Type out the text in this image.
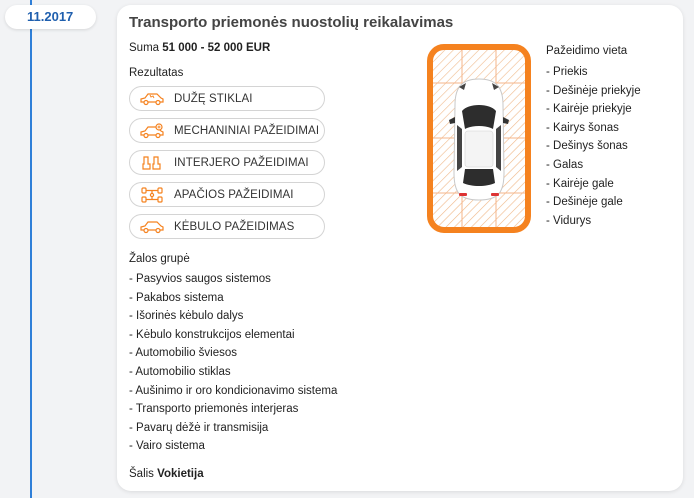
11.2017	Transporto priemonės nuostolių reikalavimas
Suma 51 000 - 52 000 EUR
Rezultatas
DUŽĘ STIKLAI
MECHANINIAI PAŽEIDIMAI
INTERJERO PAŽEIDIMAI
APAČIOS PAŽEIDIMAI
KĖBULO PAŽEIDIMAS
Žalos grupė
- Pasyvios saugos sistemos
- Pakabos sistema
- Išorinės kėbulo dalys
- Kėbulo konstrukcijos elementai
- Automobilio šviesos
- Automobilio stiklas
- Aušinimo ir oro kondicionavimo sistema
- Transporto priemonės interjeras
- Pavarų dėžė ir transmisija
- Vairo sistema
Šalis Vokietija
Pažeidimo vieta
- Priekis
- Dešinėje priekyje
- Kairėje priekyje
- Kairys šonas
- Dešinys šonas
- Galas
- Kairėje gale
- Dešinėje gale
- Vidurys
